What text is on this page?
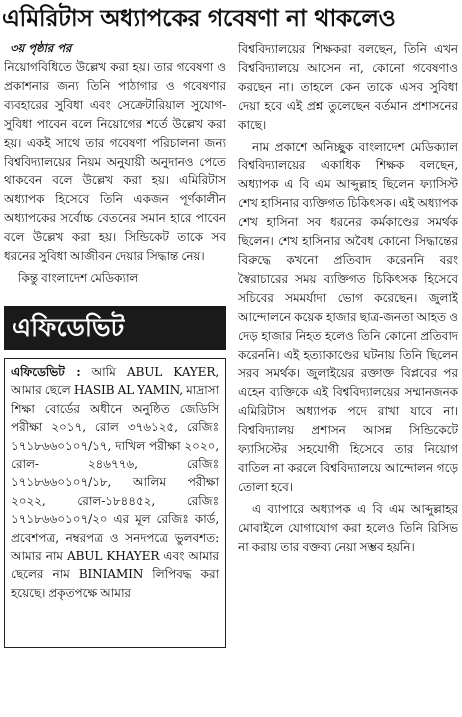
এমিরিটাস অধ্যাপকের গবেষণা না থাকলেও
৩য় পৃষ্ঠার পর

নিয়োগবিধিতে উল্লেখ করা হয়। তার গবেষণা ও প্রকাশনার জন্য তিনি পাঠাগার ও গবেষণার ব্যবহারের সুবিধা এবং সেক্রেটারিয়াল সুযোগ-সুবিধা পাবেন বলে নিয়োগের শর্তে উল্লেখ করা হয়। একই সাথে তার গবেষণা পরিচালনা জন্য বিশ্ববিদ্যালয়ের নিয়ম অনুযায়ী অনুদানও পেতে থাকবেন বলে উল্লেখ করা হয়। এমিরিটাস অধ্যাপক হিসেবে তিনি একজন পূর্ণকালীন অধ্যাপকের সর্বোচ্চ বেতনের সমান হারে পাবেন বলে উল্লেখ করা হয়। সিন্ডিকেট তাকে সব ধরনের সুবিধা আজীবন দেয়ার সিদ্ধান্ত নেয়।

কিন্তু বাংলাদেশ মেডিক্যাল

এফিডেভিট

এফিডেভিট : আমি ABUL KAYER, আমার ছেলে HASIB AL YAMIN, মাদ্রাসা শিক্ষা বোর্ডের অধীনে অনুষ্ঠিত জেডিসি পরীক্ষা ২০১৭, রোল ৩৭৬১২৫, রেজিঃ ১৭১৮৬৬০১০৭/১৭, দাখিল পরীক্ষা ২০২০, রোল- ২৪৬৭৭৬, রেজিঃ ১৭১৮৬৬০১০৭/১৮, আলিম পরীক্ষা ২০২২, রোল-১৮৪৪৫২, রেজিঃ ১৭১৮৬৬০১০৭/২০ এর মূল রেজিঃ কার্ড, প্রবেশপত্র, নম্বরপত্র ও সনদপত্রে ভুলবশত: আমার নাম ABUL KHAYER এবং আমার ছেলের নাম BINIAMIN লিপিবদ্ধ করা হয়েছে। প্রকৃতপক্ষে আমার

বিশ্ববিদ্যালয়ের শিক্ষকরা বলছেন, তিনি এখন বিশ্ববিদ্যালয়ে আসেন না, কোনো গবেষণাও করছেন না। তাহলে কেন তাকে এসব সুবিধা দেয়া হবে এই প্রশ্ন তুলেছেন বর্তমান প্রশাসনের কাছে।

নাম প্রকাশে অনিচ্ছুক বাংলাদেশ মেডিক্যাল বিশ্ববিদ্যালয়ের একাধিক শিক্ষক বলছেন, অধ্যাপক এ বি এম আব্দুল্লাহ ছিলেন ফ্যাসিস্ট শেখ হাসিনার ব্যক্তিগত চিকিৎসক। এই অধ্যাপক শেখ হাসিনা সব ধরনের কর্মকাণ্ডের সমর্থক ছিলেন। শেখ হাসিনার অবৈধ কোনো সিদ্ধান্তের বিরুদ্ধে কখনো প্রতিবাদ করেননি বরং স্বৈরাচারের সময় ব্যক্তিগত চিকিৎসক হিসেবে সচিবের সমমর্যাদা ভোগ করেছেন। জুলাই আন্দোলনে কয়েক হাজার ছাত্র-জনতা আহত ও দেড় হাজার নিহত হলেও তিনি কোনো প্রতিবাদ করেননি। এই হত্যাকাণ্ডের ঘটনায় তিনি ছিলেন সরব সমর্থক। জুলাইয়ের রক্তাক্ত বিপ্লবের পর এহেন ব্যক্তিকে এই বিশ্ববিদ্যালয়ের সম্মানজনক এমিরিটাস অধ্যাপক পদে রাখা যাবে না। বিশ্ববিদ্যালয় প্রশাসন আসন্ন সিন্ডিকেটে ফ্যাসিস্টের সহযোগী হিসেবে তার নিয়োগ বাতিল না করলে বিশ্ববিদ্যালয়ে আন্দোলন গড়ে তোলা হবে।

এ ব্যাপারে অধ্যাপক এ বি এম আব্দুল্লাহর মোবাইলে যোগাযোগ করা হলেও তিনি রিসিভ না করায় তার বক্তব্য নেয়া সম্ভব হয়নি।
